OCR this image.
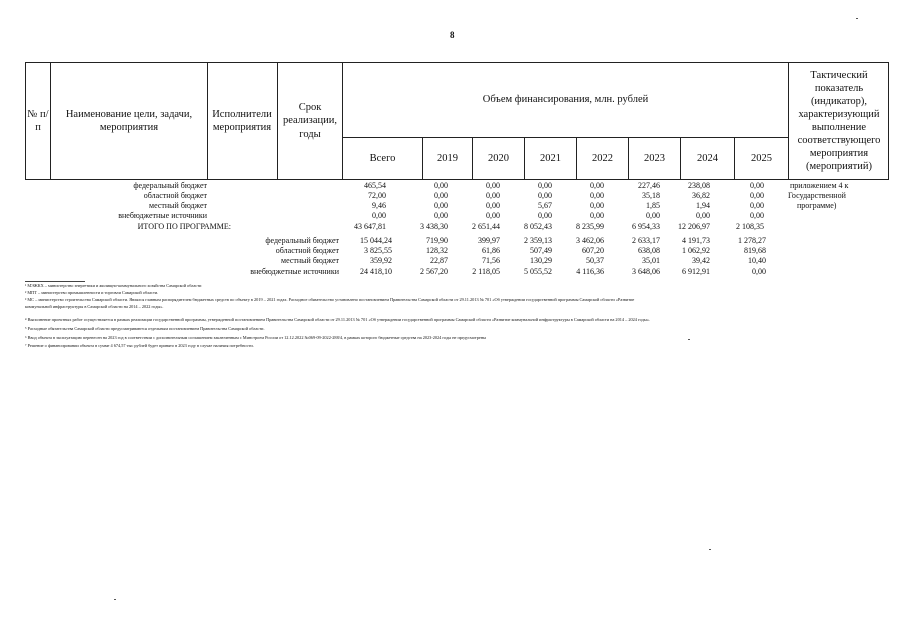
8
№ п/п
Наименование цели, задачи, мероприятия
Исполнители мероприятия
Срок реализации, годы
Объем финансирования, млн. рублей
Тактический показатель (индикатор), характеризующий выполнение соответствующего мероприятия (мероприятий)
Всего	2019	2020	2021	2022	2023	2024	2025
федеральный бюджет	465,54	0,00	0,00	0,00	0,00	227,46	238,08	0,00
областной бюджет	72,00	0,00	0,00	0,00	0,00	35,18	36,82	0,00
местный бюджет	9,46	0,00	0,00	5,67	0,00	1,85	1,94	0,00
внебюджетные источники	0,00	0,00	0,00	0,00	0,00	0,00	0,00	0,00
приложением 4 к
Государственной
программе)
ИТОГО ПО ПРОГРАММЕ:	43 647,81	3 438,30	2 651,44	8 052,43	8 235,99	6 954,33	12 206,97	2 108,35
федеральный бюджет	15 044,24	719,90	399,97	2 359,13	3 462,06	2 633,17	4 191,73	1 278,27
областной бюджет	3 825,55	128,32	61,86	507,49	607,20	638,08	1 062,92	819,68
местный бюджет	359,92	22,87	71,56	130,29	50,37	35,01	39,42	10,40
внебюджетные источники	24 418,10	2 567,20	2 118,05	5 055,52	4 116,36	3 648,06	6 912,91	0,00
¹ МЭЖКХ – министерство энергетики и жилищно-коммунального хозяйства Самарской области
² МПТ – министерство промышленности и торговли Самарской области.
³ МС – министерство строительства Самарской области. Являлся главным распорядителем бюджетных средств по объекту в 2019 – 2021 годах. Расходное обязательство установлено постановлением Правительства Самарской области от 29.11.2013 № 701 «Об утверждении государственной программы Самарской области «Развитие
коммунальной инфраструктуры в Самарской области на 2014 – 2022 годы».
⁴ Выполнение проектных работ осуществляется в рамках реализации государственной программы, утвержденной постановлением Правительства Самарской области от 29.11.2013 № 701 «Об утверждении государственной программы Самарской области «Развитие коммунальной инфраструктуры в Самарской области на 2014 – 2024 годы».
⁵ Расходные обязательства Самарской области предусматриваются отдельным постановлением Правительства Самарской области.
⁶ Ввод объекта в эксплуатацию перенесен на 2023 год в соответствии с дополнительным соглашением заключенным с Минстроем России от 12.12.2022 №069-09-2022-288/4, в рамках которого бюджетные средства на 2023-2024 годы не предусмотрены
⁷ Решение о финансировании объекта в сумме 4 674,57 тыс рублей будет принято в 2023 году в случае наличия потребности.
